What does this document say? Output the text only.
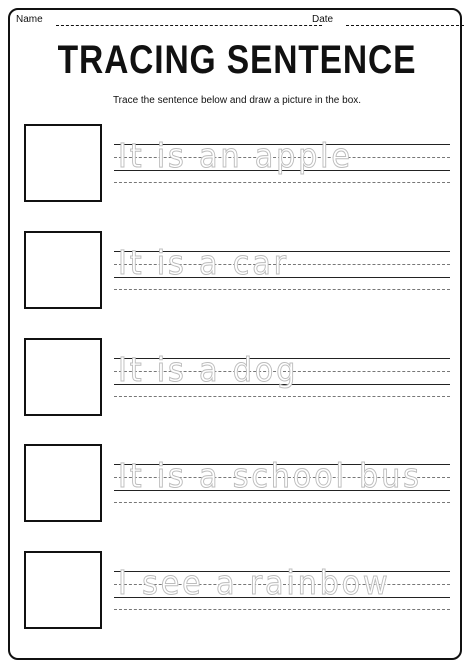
Name	Date
TRACING SENTENCE
Trace the sentence below and draw a picture in the box.
It is an apple
It is a car
It is a dog
It is a school bus
I see a rainbow
